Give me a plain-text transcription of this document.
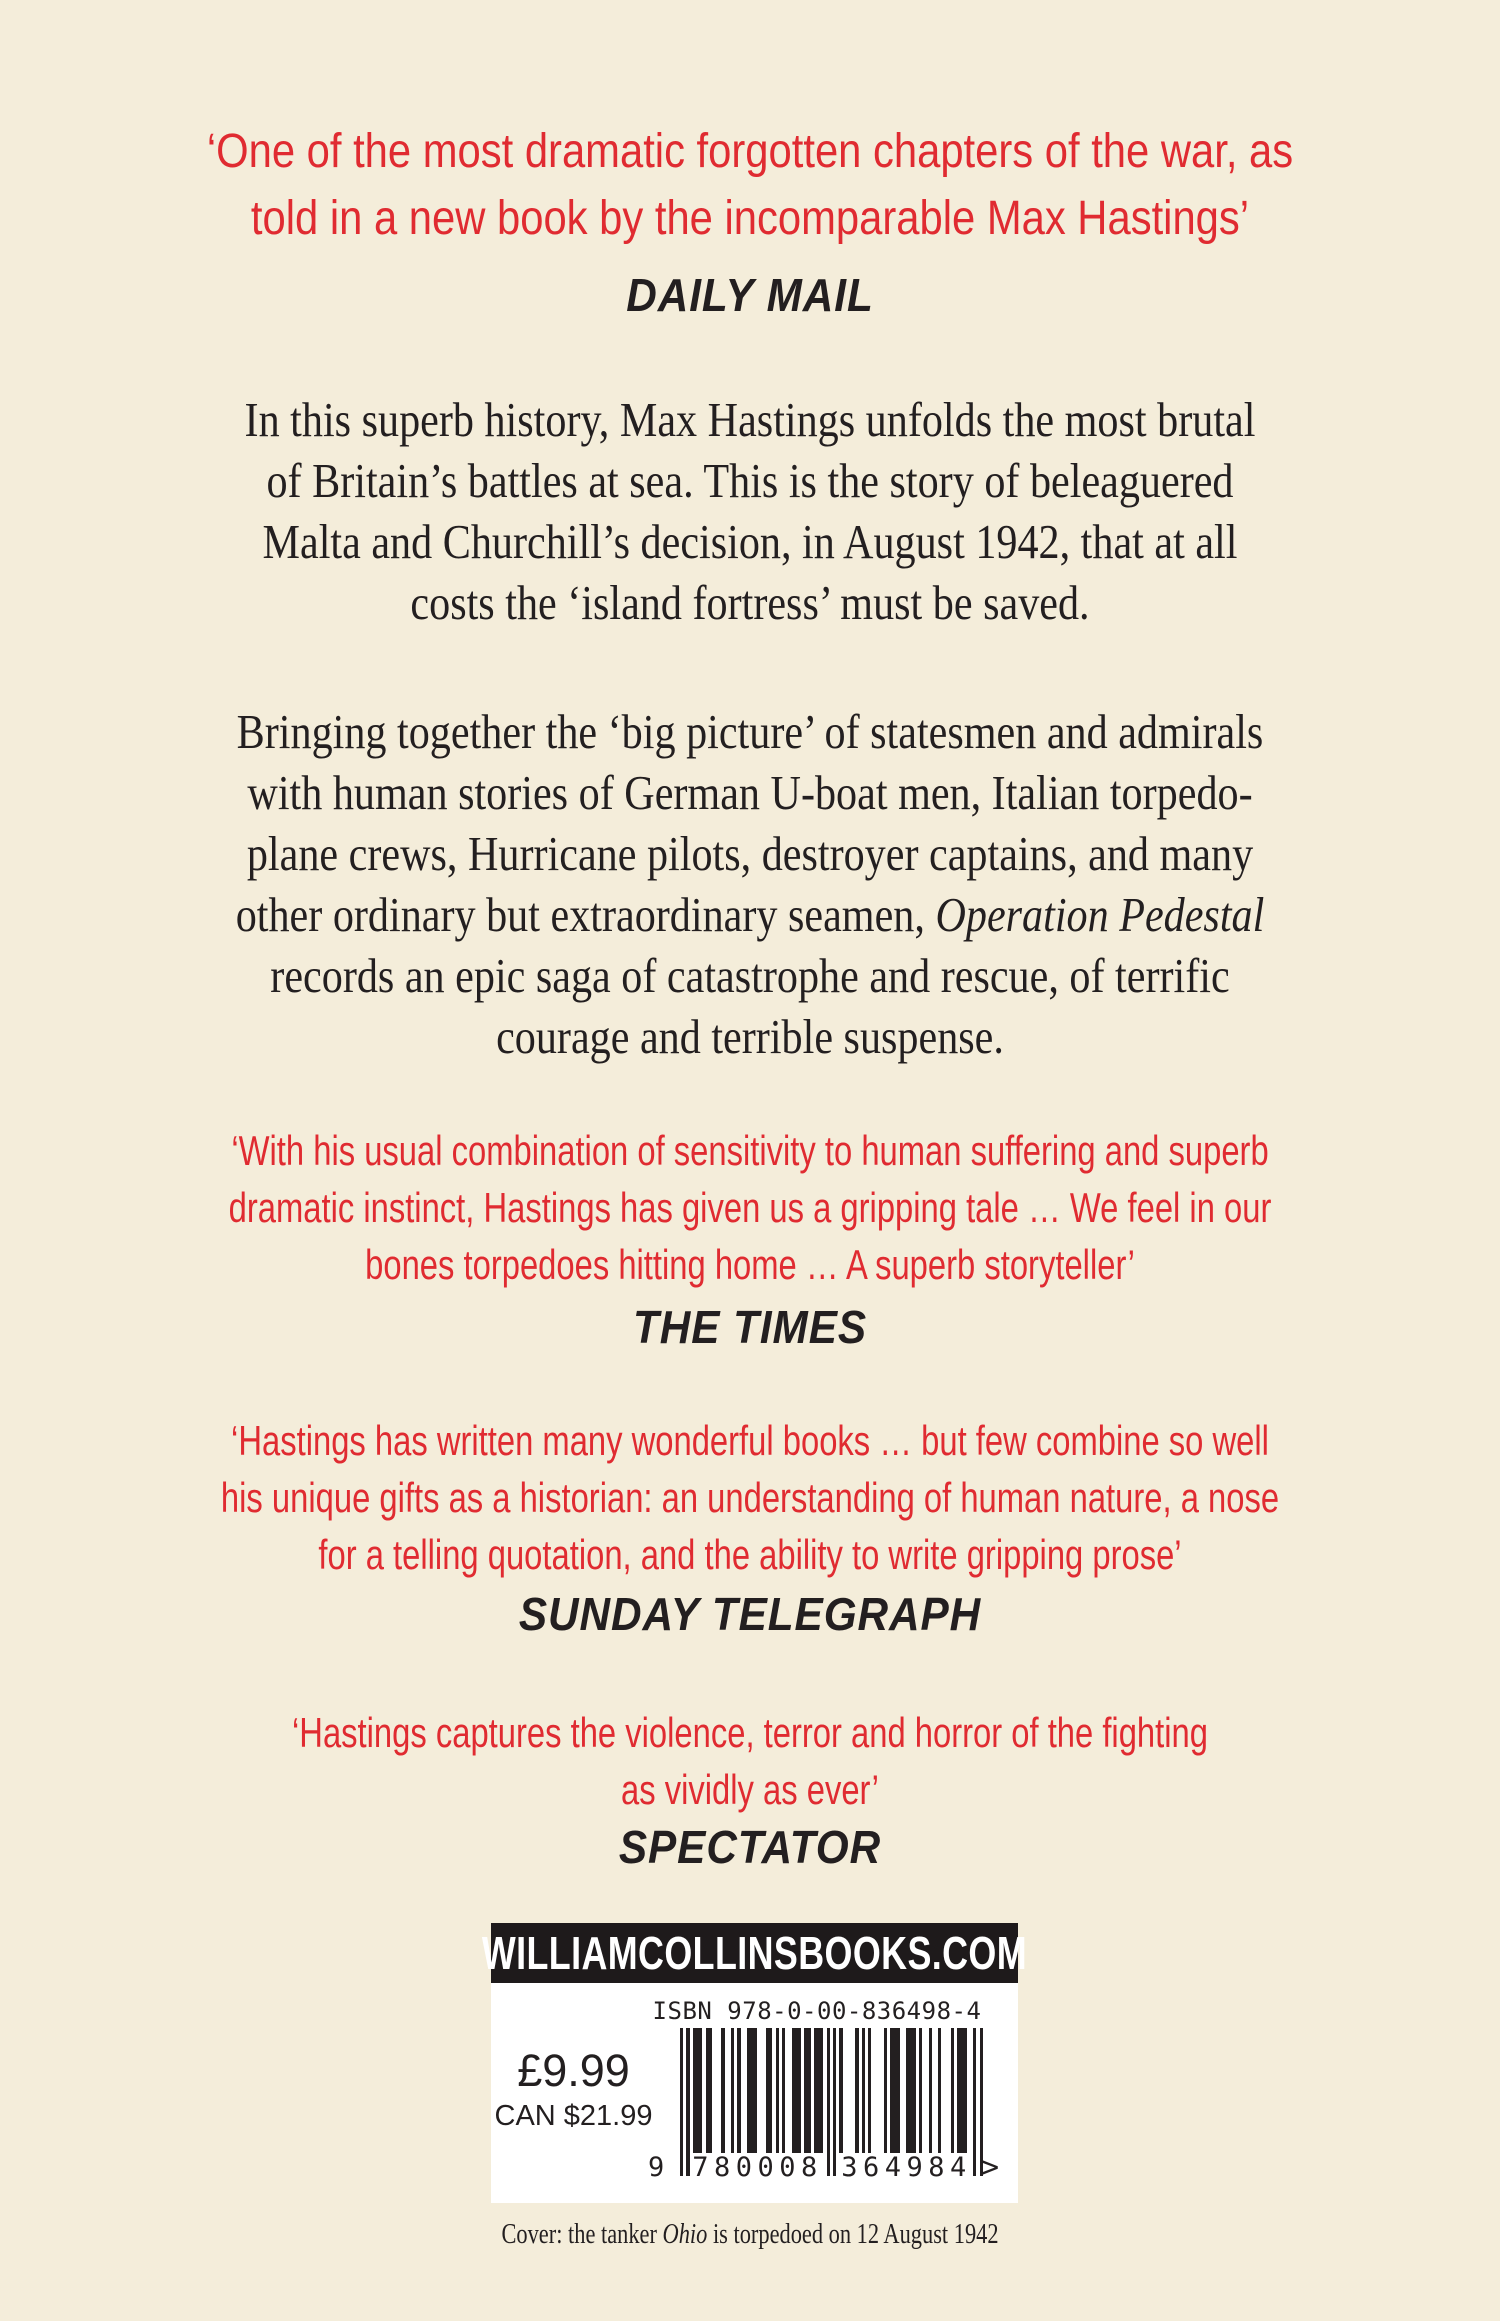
‘One of the most dramatic forgotten chapters of the war, as
told in a new book by the incomparable Max Hastings’
DAILY MAIL
In this superb history, Max Hastings unfolds the most brutal
of Britain’s battles at sea. This is the story of beleaguered
Malta and Churchill’s decision, in August 1942, that at all
costs the ‘island fortress’ must be saved.
Bringing together the ‘big picture’ of statesmen and admirals
with human stories of German U-boat men, Italian torpedo-
plane crews, Hurricane pilots, destroyer captains, and many
other ordinary but extraordinary seamen, Operation Pedestal
records an epic saga of catastrophe and rescue, of terrific
courage and terrible suspense.
‘With his usual combination of sensitivity to human suffering and superb
dramatic instinct, Hastings has given us a gripping tale … We feel in our
bones torpedoes hitting home … A superb storyteller’
THE TIMES
‘Hastings has written many wonderful books … but few combine so well
his unique gifts as a historian: an understanding of human nature, a nose
for a telling quotation, and the ability to write gripping prose’
SUNDAY TELEGRAPH
‘Hastings captures the violence, terror and horror of the fighting
as vividly as ever’
SPECTATOR
WILLIAMCOLLINSBOOKS.COM
ISBN 978-0-00-836498-4
£9.99
CAN $21.99
9 780008 364984 >
Cover: the tanker Ohio is torpedoed on 12 August 1942
